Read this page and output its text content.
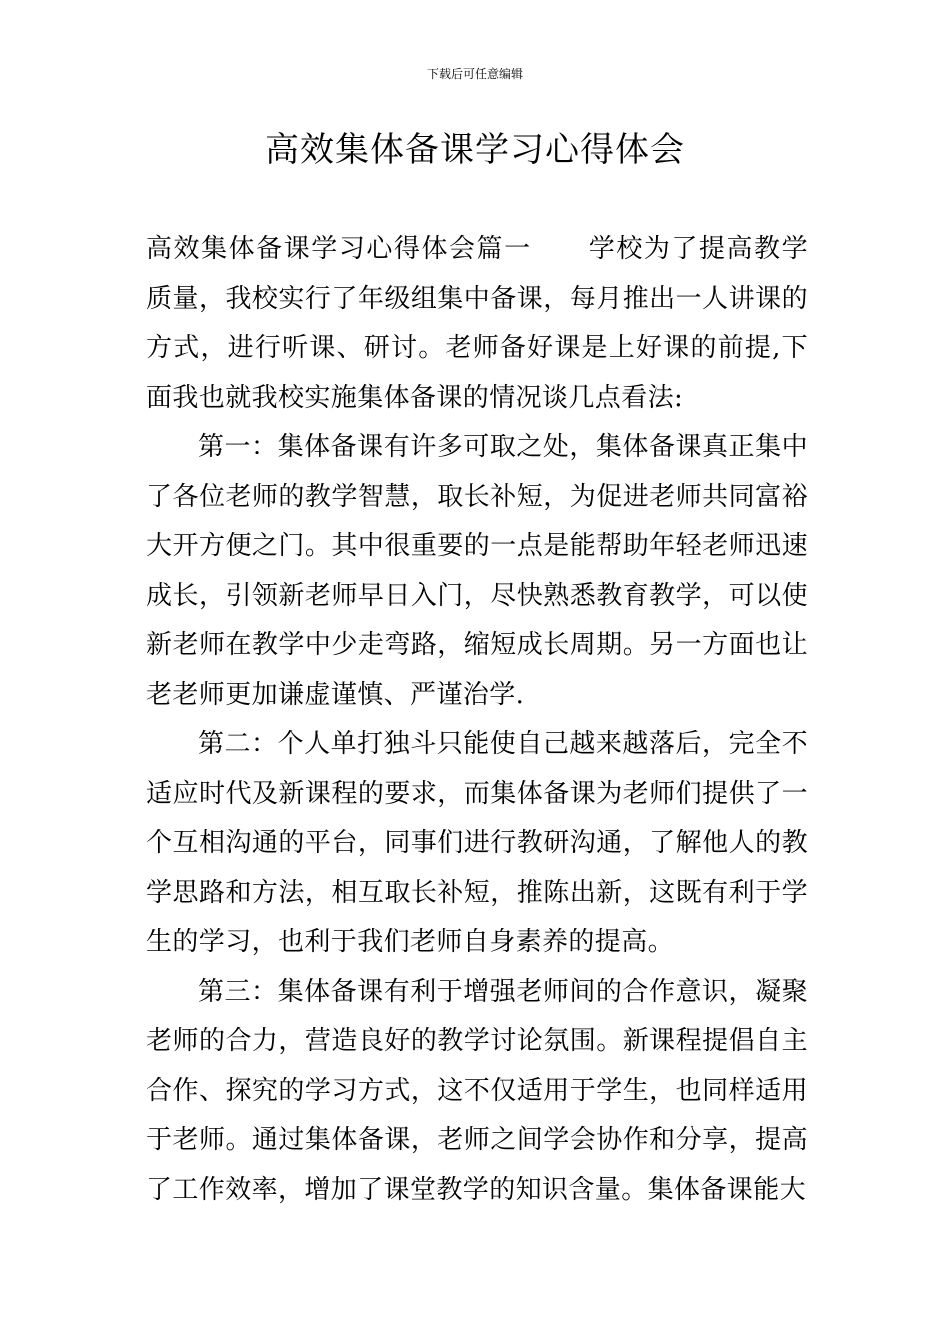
下载后可任意编辑
高效集体备课学习心得体会

高效集体备课学习心得体会篇一 学校为了提高教学质量，我校实行了年级组集中备课，每月推出一人讲课的方式，进行听课、研讨。老师备好课是上好课的前提,下面我也就我校实施集体备课的情况谈几点看法:

第一：集体备课有许多可取之处，集体备课真正集中了各位老师的教学智慧，取长补短，为促进老师共同富裕大开方便之门。其中很重要的一点是能帮助年轻老师迅速成长，引领新老师早日入门，尽快熟悉教育教学，可以使新老师在教学中少走弯路，缩短成长周期。另一方面也让老老师更加谦虚谨慎、严谨治学.

第二：个人单打独斗只能使自己越来越落后，完全不适应时代及新课程的要求，而集体备课为老师们提供了一个互相沟通的平台，同事们进行教研沟通，了解他人的教学思路和方法，相互取长补短，推陈出新，这既有利于学生的学习，也利于我们老师自身素养的提高。

第三：集体备课有利于增强老师间的合作意识，凝聚老师的合力，营造良好的教学讨论氛围。新课程提倡自主合作、探究的学习方式，这不仅适用于学生，也同样适用于老师。通过集体备课，老师之间学会协作和分享，提高了工作效率，增加了课堂教学的知识含量。集体备课能大
